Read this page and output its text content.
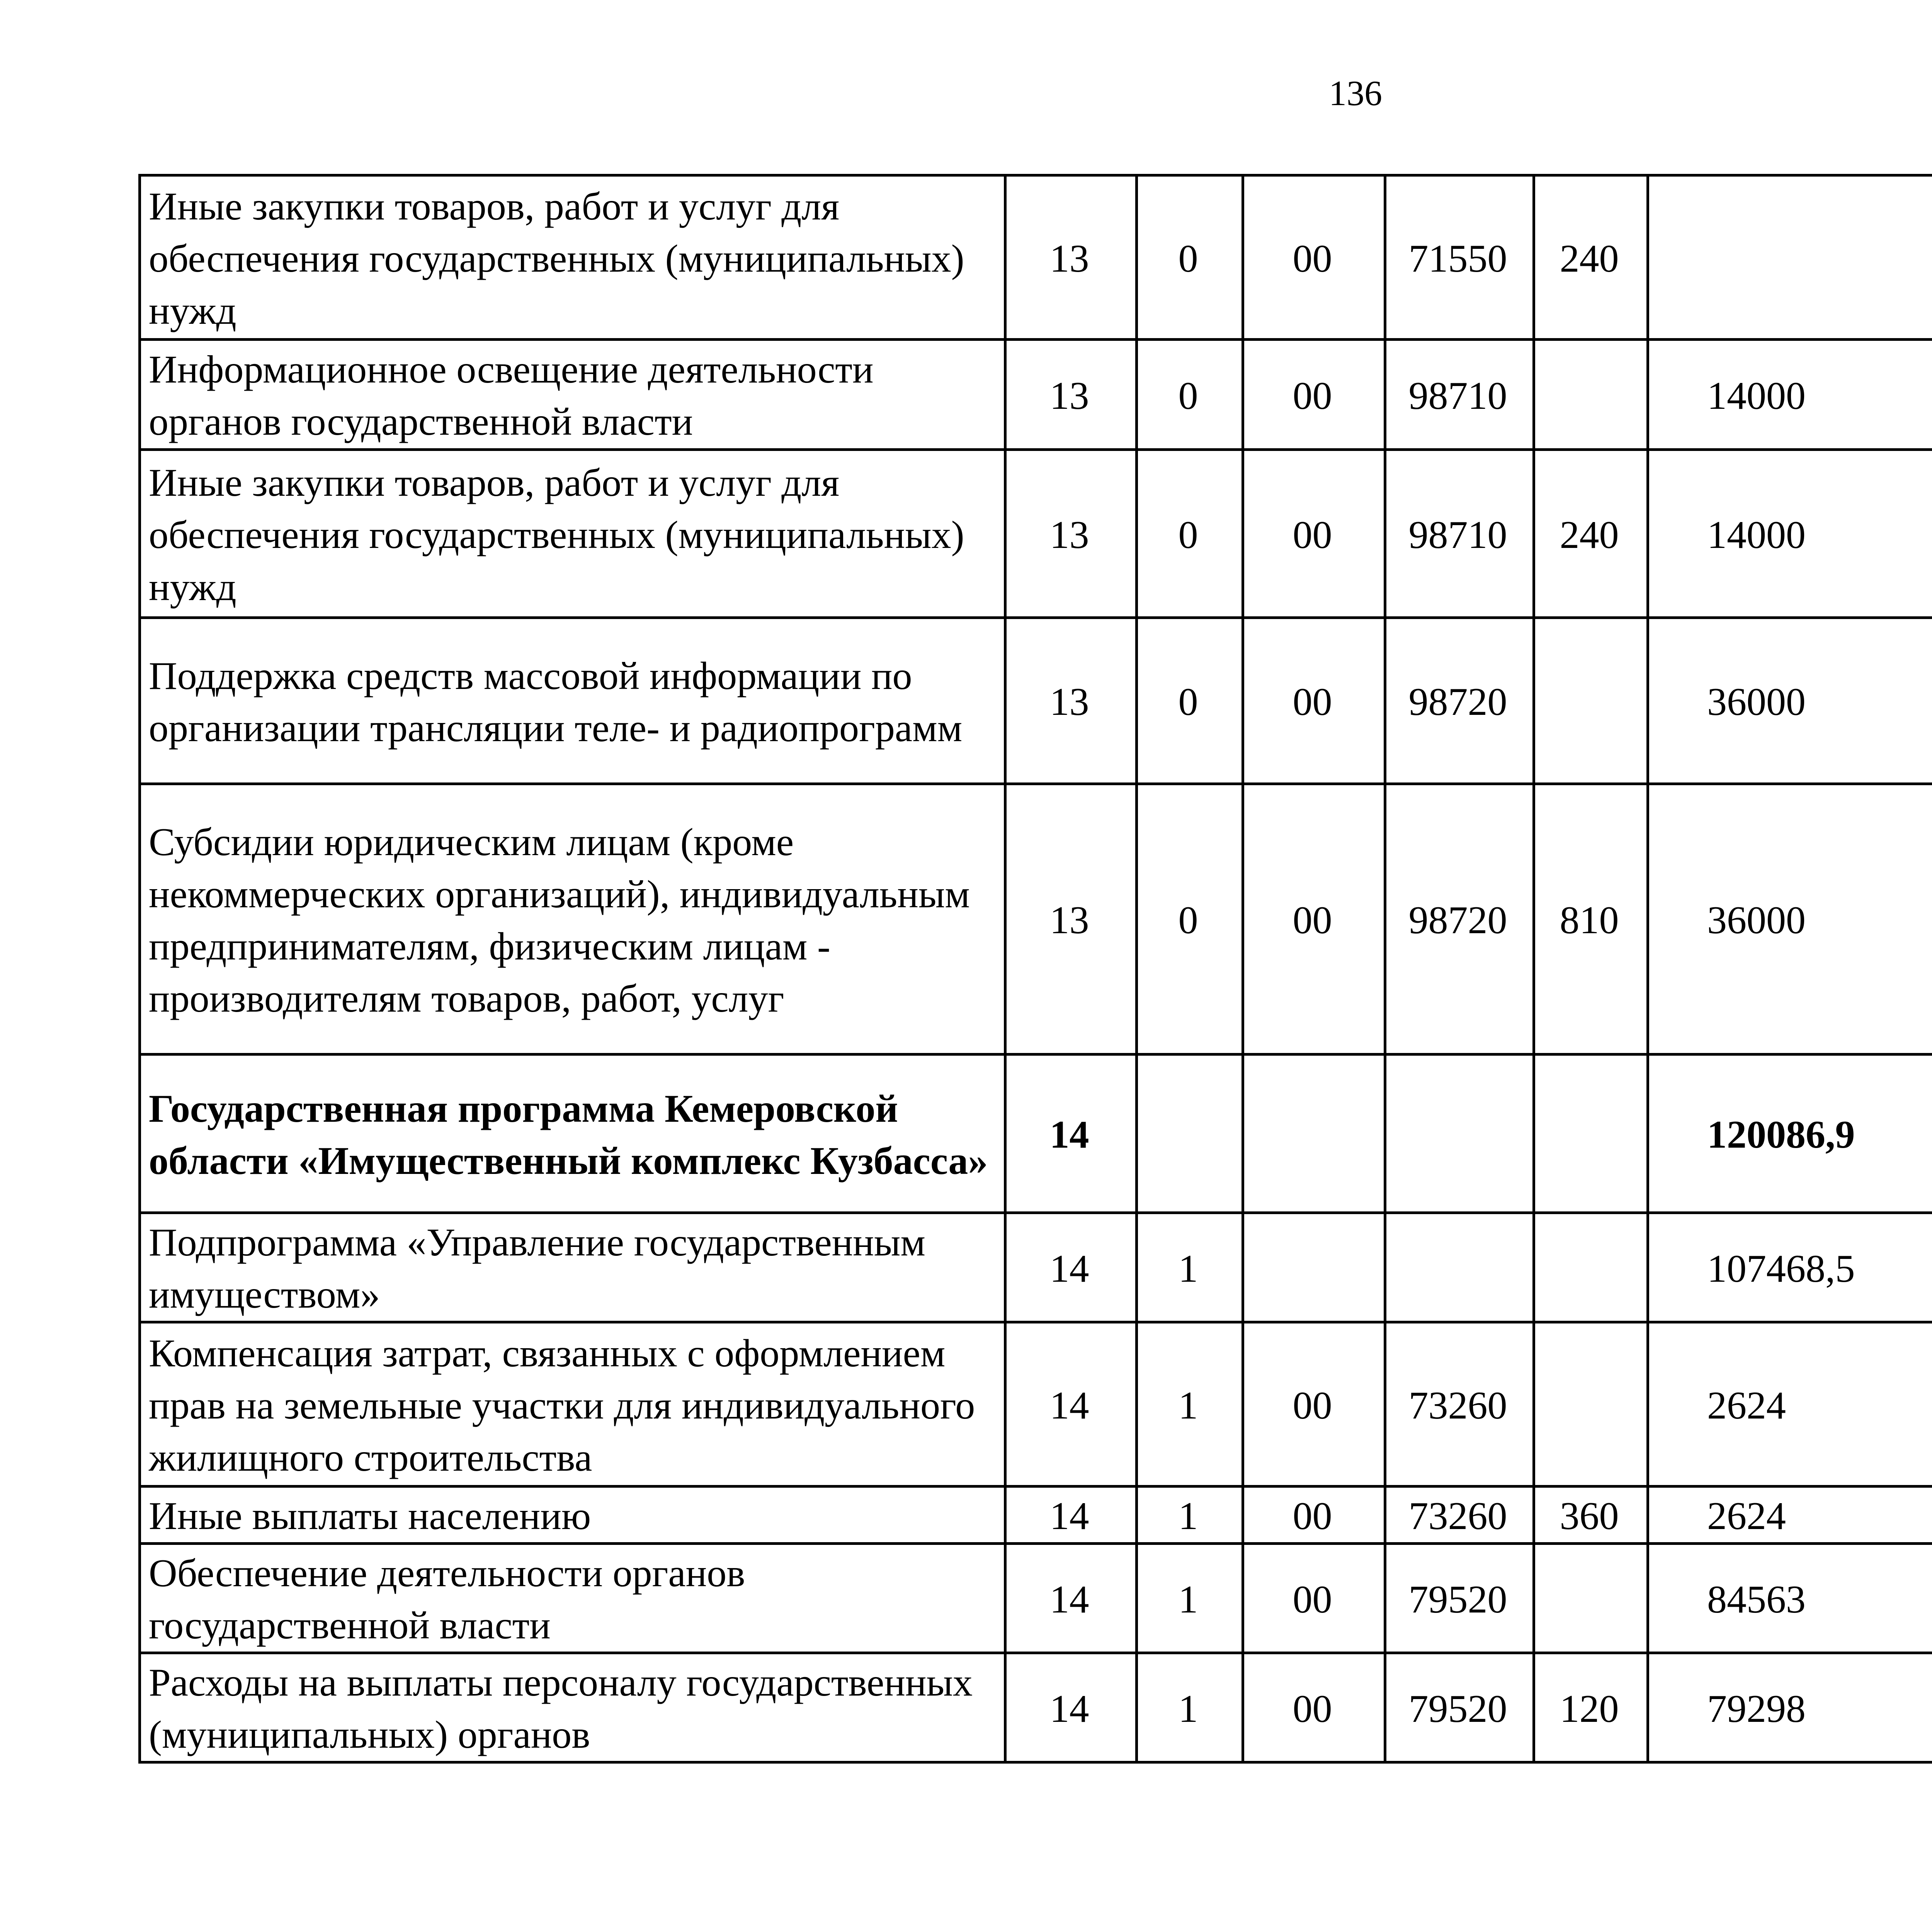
136
Иные закупки товаров, работ и услуг для обеспечения государственных (муниципальных) нужд	13	0	00	71550	240			
Информационное освещение деятельности органов государственной власти	13	0	00	98710		14000		
Иные закупки товаров, работ и услуг для обеспечения государственных (муниципальных) нужд	13	0	00	98710	240	14000		
Поддержка средств массовой информации по организации трансляции теле- и радиопрограмм	13	0	00	98720		36000		
Субсидии юридическим лицам (кроме некоммерческих организаций), индивидуальным предпринимателям, физическим лицам - производителям товаров, работ, услуг	13	0	00	98720	810	36000		
Государственная программа Кемеровской области «Имущественный комплекс Кузбасса»	14					120086,9		
Подпрограмма «Управление государственным имуществом»	14	1				107468,5		
Компенсация затрат, связанных с оформлением прав на земельные участки для индивидуального жилищного строительства	14	1	00	73260		2624		
Иные выплаты населению	14	1	00	73260	360	2624		
Обеспечение деятельности органов государственной власти	14	1	00	79520		84563		
Расходы на выплаты персоналу государственных (муниципальных) органов	14	1	00	79520	120	79298		
